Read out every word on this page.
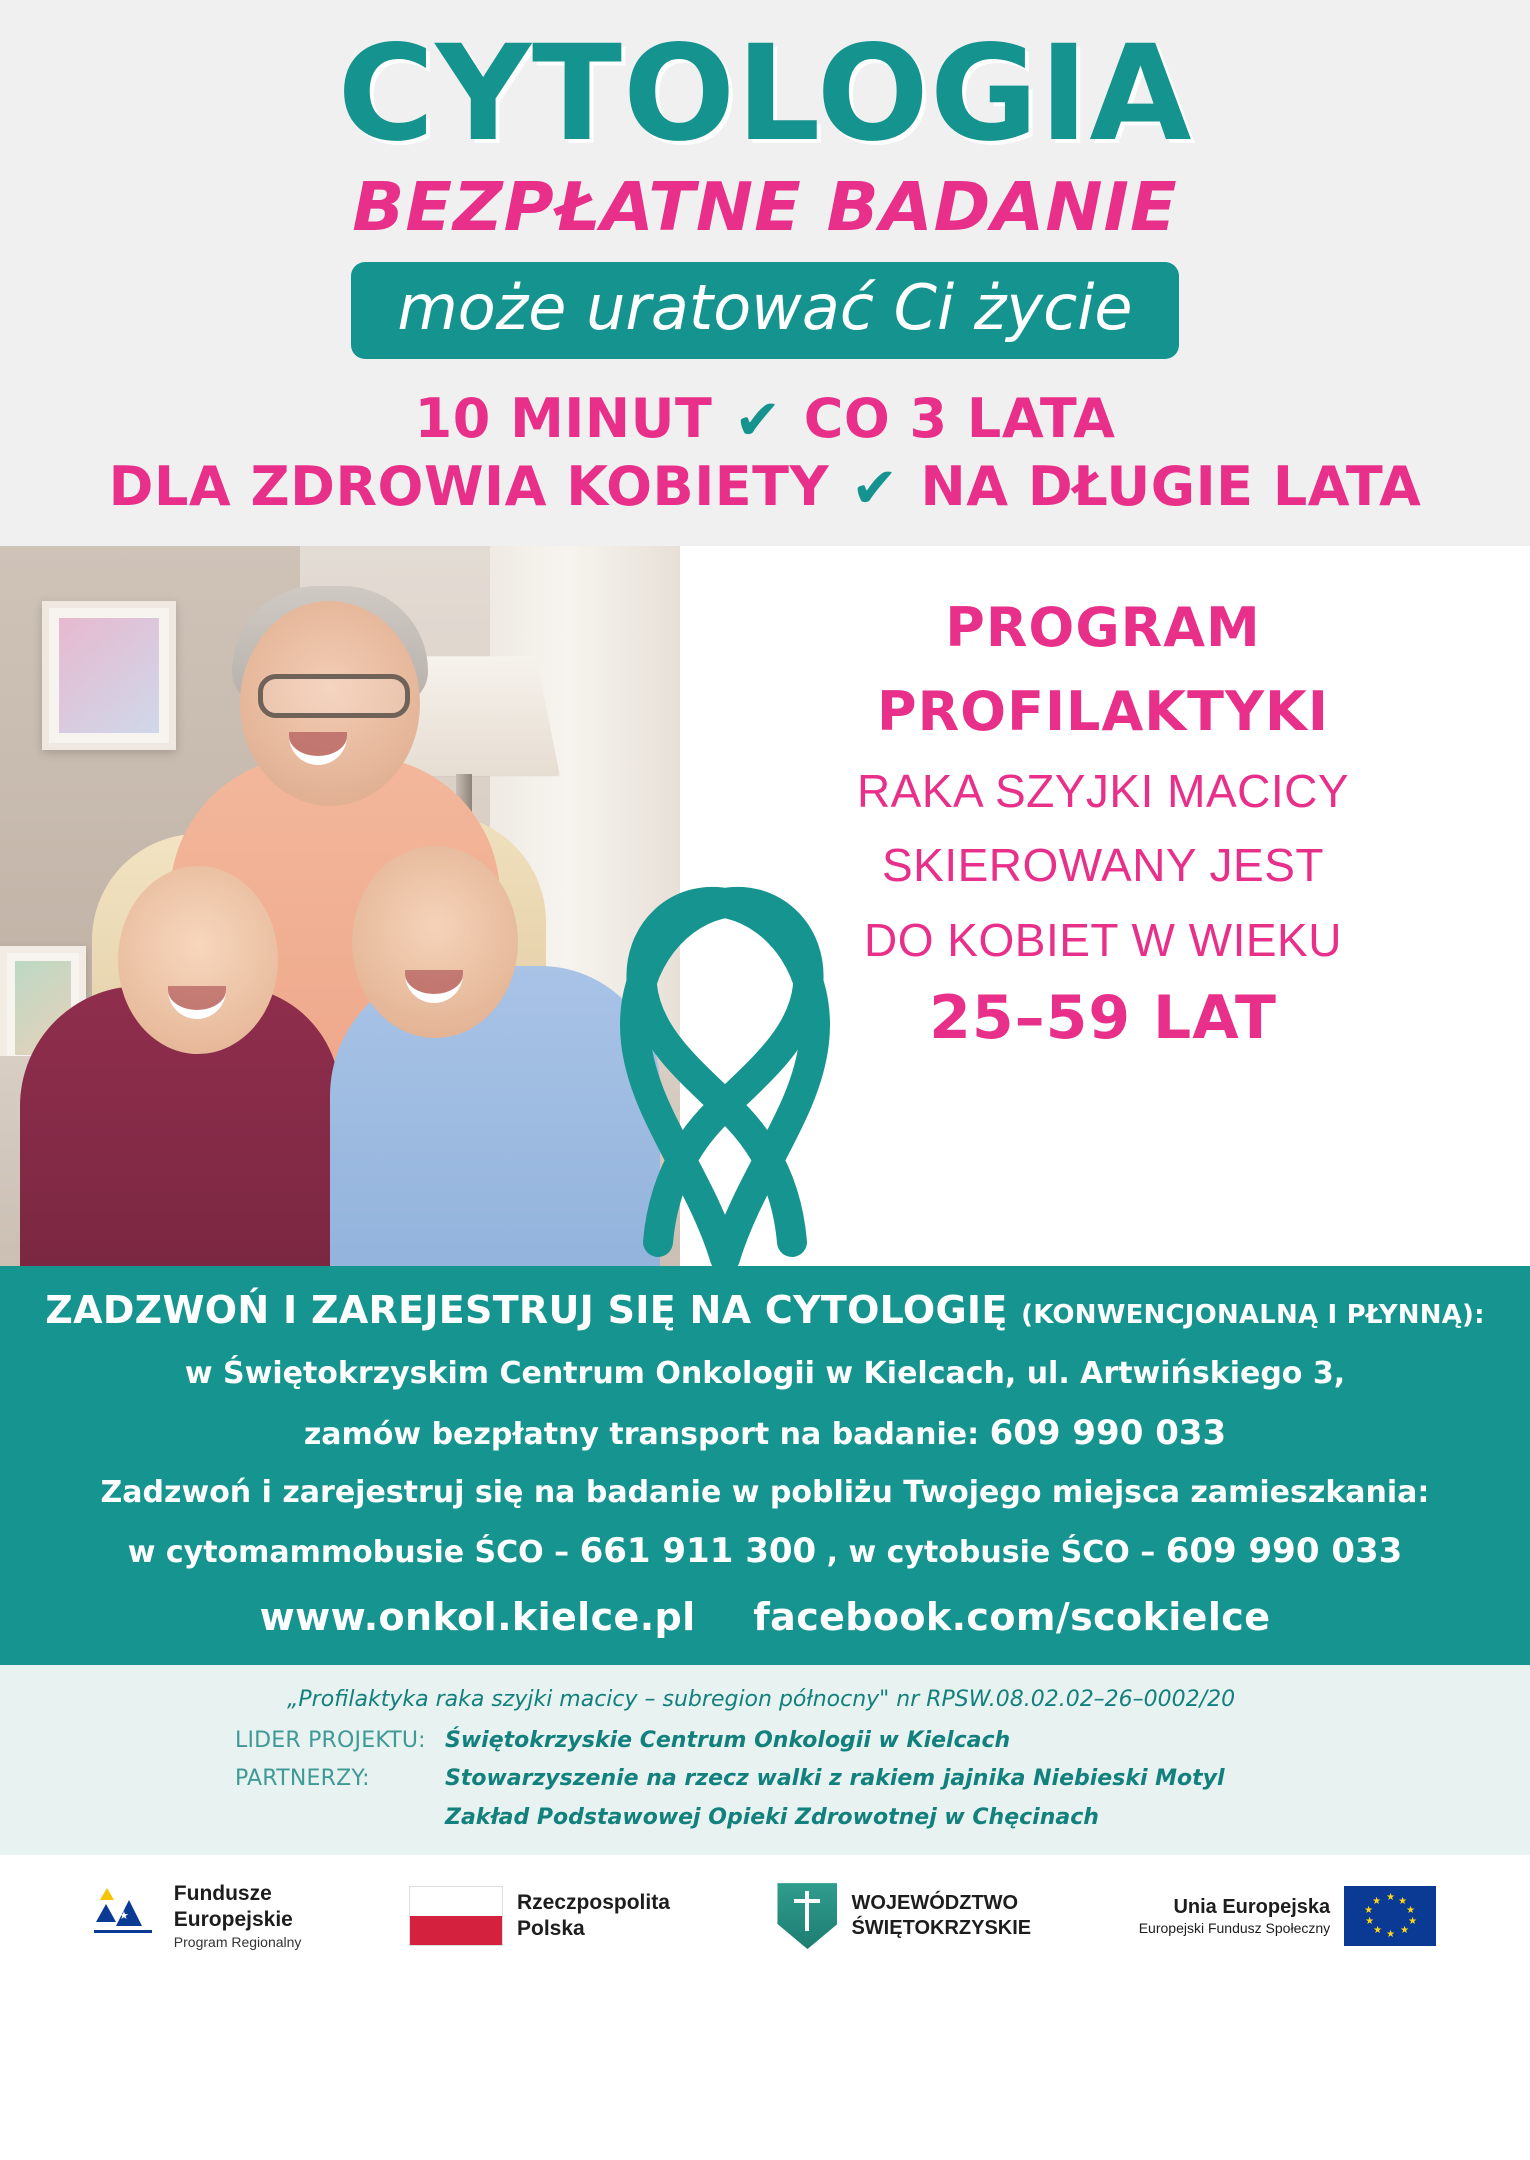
CYTOLOGIA
BEZPŁATNE BADANIE
może uratować Ci życie
10 MINUT ✔ CO 3 LATA
DLA ZDROWIA KOBIETY ✔ NA DŁUGIE LATA
PROGRAM
PROFILAKTYKI
RAKA SZYJKI MACICY
SKIEROWANY JEST
DO KOBIET W WIEKU
25–59 LAT
ZADZWOŃ I ZAREJESTRUJ SIĘ NA CYTOLOGIĘ (KONWENCJONALNĄ I PŁYNNĄ):
w Świętokrzyskim Centrum Onkologii w Kielcach, ul. Artwińskiego 3,
zamów bezpłatny transport na badanie: 609 990 033
Zadzwoń i zarejestruj się na badanie w pobliżu Twojego miejsca zamieszkania:
w cytomammobusie ŚCO – 661 911 300 , w cytobusie ŚCO – 609 990 033
www.onkol.kielce.pl facebook.com/scokielce
„Profilaktyka raka szyjki macicy – subregion północny" nr RPSW.08.02.02–26–0002/20
LIDER PROJEKTU: Świętokrzyskie Centrum Onkologii w Kielcach
PARTNERZY:	Stowarzyszenie na rzecz walki z rakiem jajnika Niebieski Motyl
Zakład Podstawowej Opieki Zdrowotnej w Chęcinach
★
★
Fundusze
Europejskie
Program Regionalny
Rzeczpospolita
Polska
WOJEWÓDZTWO
ŚWIĘTOKRZYSKIE
Unia Europejska
Europejski Fundusz Społeczny
★ ★
★
★
★
★
★
★
★
★
